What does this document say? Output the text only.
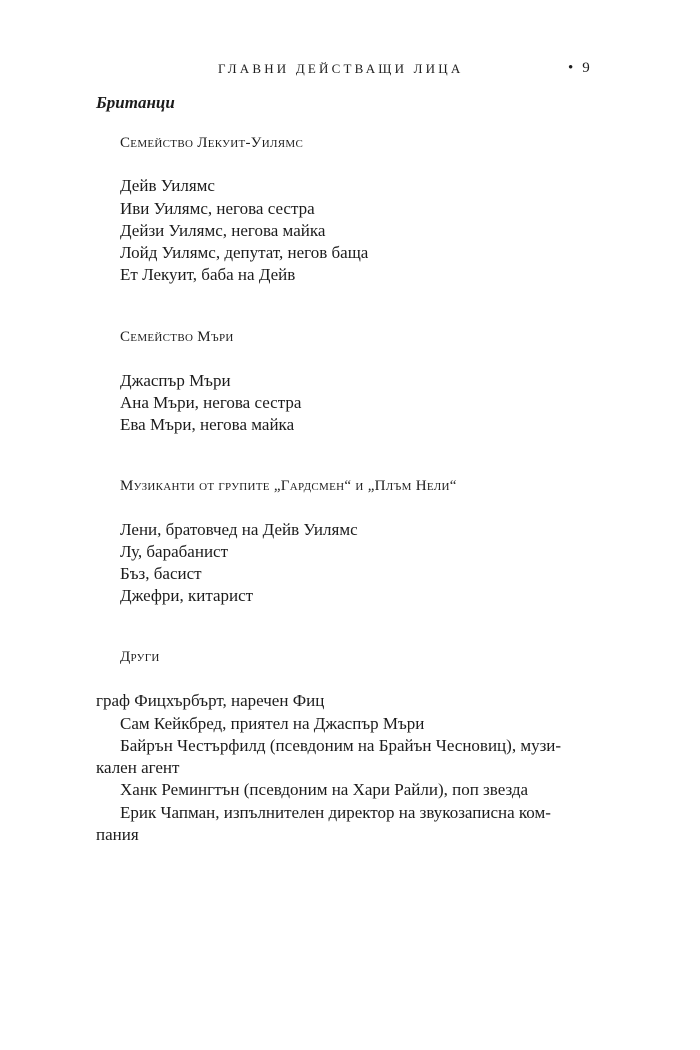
ГЛАВНИ ДЕЙСТВАЩИ ЛИЦА	• 9
Британци
Семейство Лекуит-Уилямс
Дейв Уилямс
Иви Уилямс, негова сестра
Дейзи Уилямс, негова майка
Лойд Уилямс, депутат, негов баща
Ет Лекуит, баба на Дейв
Семейство Мъри
Джаспър Мъри
Ана Мъри, негова сестра
Ева Мъри, негова майка
Музиканти от групите „Гардсмен“ и „Плъм Нели“
Лени, братовчед на Дейв Уилямс
Лу, барабанист
Бъз, басист
Джефри, китарист
Други
граф Фицхърбърт, наречен Фиц
Сам Кейкбред, приятел на Джаспър Мъри
Байрън Честърфилд (псевдоним на Брайън Чесновиц), музи-
кален агент
Ханк Ремингтън (псевдоним на Хари Райли), поп звезда
Ерик Чапман, изпълнителен директор на звукозаписна ком-
пания
